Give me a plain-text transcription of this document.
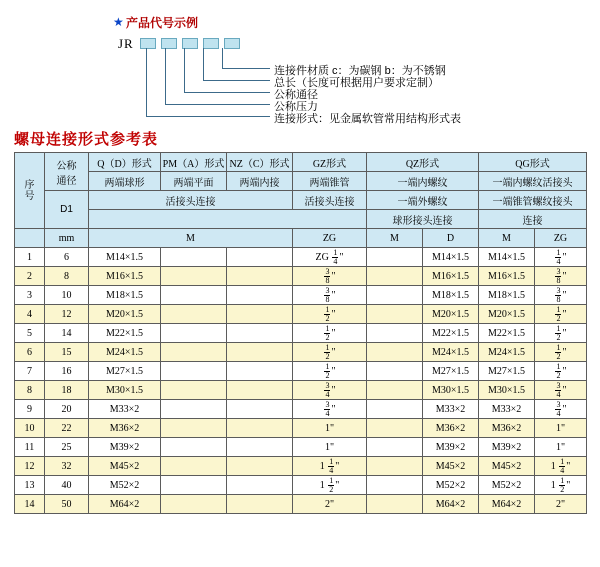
★ 产品代号示例
JR
连接件材质 c：为碳钢 b：为不锈钢
总长（长度可根据用户要求定制）
公称通径
公称压力
连接形式：见金属软管常用结构形式表
螺母连接形式参考表
序
号	公称
通径	Q（D）形式	PM（A）形式	NZ（C）形式	GZ形式	QZ形式		QG形式	
		两端球形	两端平面	两端内接	两端锥管	一端内螺纹		一端内螺纹活接头	
	D1	活接头连接			活接头连接	一端外螺纹		一端锥管螺纹接头	
						球形接头连接		连接	
	mm	M			ZG	M	D	M	ZG
1	6	M14×1.5			ZG $\frac{1}{4}$ "		M14×1.5	M14×1.5	$\frac{1}{4}$ "
2	8	M16×1.5			$\frac{3}{8}$ "		M16×1.5	M16×1.5	$\frac{3}{8}$ "
3	10	M18×1.5			$\frac{3}{8}$ "		M18×1.5	M18×1.5	$\frac{3}{8}$ "
4	12	M20×1.5			$\frac{1}{2}$ "		M20×1.5	M20×1.5	$\frac{1}{2}$ "
5	14	M22×1.5			$\frac{1}{2}$ "		M22×1.5	M22×1.5	$\frac{1}{2}$ "
6	15	M24×1.5			$\frac{1}{2}$ "		M24×1.5	M24×1.5	$\frac{1}{2}$ "
7	16	M27×1.5			$\frac{1}{2}$ "		M27×1.5	M27×1.5	$\frac{1}{2}$ "
8	18	M30×1.5			$\frac{3}{4}$ "		M30×1.5	M30×1.5	$\frac{3}{4}$ "
9	20	M33×2			$\frac{3}{4}$ "		M33×2	M33×2	$\frac{3}{4}$ "
10	22	M36×2			1"		M36×2	M36×2	1"
11	25	M39×2			1"		M39×2	M39×2	1"
12	32	M45×2			$1 \frac{1}{4}$ "		M45×2	M45×2	$1 \frac{1}{4}$ "
13	40	M52×2			$1 \frac{1}{2}$ "		M52×2	M52×2	$1 \frac{1}{2}$ "
14	50	M64×2			2"		M64×2	M64×2	2"
